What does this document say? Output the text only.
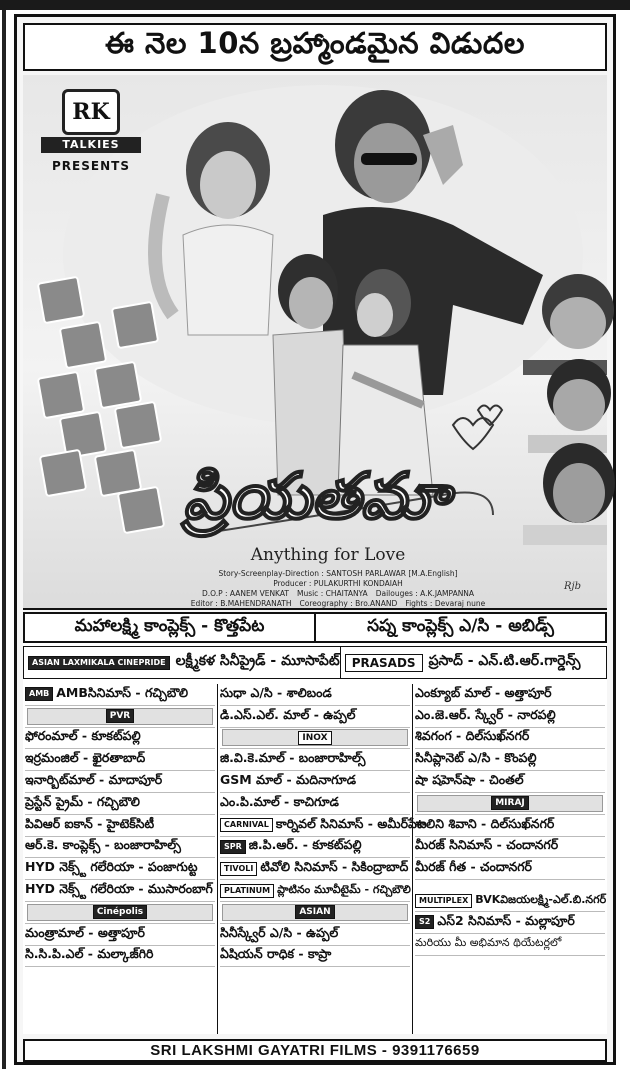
ఈ నెల 10న బ్రహ్మాండమైన విడుదల
RK
TALKIES
PRESENTS
ప్రియతమా
Anything for Love
Story-Screenplay-Direction : SANTOSH PARLAWAR [M.A.English]
Producer : PULAKURTHI KONDAIAH
D.O.P : AANEM VENKAT Music : CHAITANYA Dailouges : A.K.JAMPANNA
Editor : B.MAHENDRANATH Coreography : Bro.ANAND Fights : Devaraj nune
Rjb
మహాలక్ష్మి కాంప్లెక్స్ - కొత్తపేట	సప్న కాంప్లెక్స్ ఎ/సి - అబిడ్స్
ASIAN LAXMIKALA CINEPRIDE లక్ష్మీకళ సినీప్రైడ్ - మూసాపేట్	PRASADS ప్రసాద్ - ఎన్.టి.ఆర్.గార్డెన్స్
AMB AMBసినిమాస్ - గచ్చిబౌలి
PVR
ఫోరంమాల్ - కూకట్‌పల్లి
ఇర్రమంజిల్ - ఖైరతాబాద్
ఇనార్బిట్‌మాల్ - మాదాపూర్
ప్రెస్టేన్ ప్రైమ్ - గచ్చిబౌలి
పివిఆర్ ఐకాన్ - హైటెక్‌సిటీ
ఆర్.కె. కాంప్లెక్స్ - బంజారాహిల్స్
HYD నెక్స్ట్ గలేరియా - పంజాగుట్ట
HYD నెక్స్ట్ గలేరియా - ముసారంబాగ్
Cinépolis
మంత్రామాల్ - అత్తాపూర్
సి.సి.పి.ఎల్ - మల్కాజ్‌గిరి
సుధా ఎ/సి - శాలిబండ
డి.ఎస్.ఎల్. మాల్ - ఉప్పల్
INOX
జి.వి.కె.మాల్ - బంజారాహిల్స్
GSM మాల్ - మదినాగూడ
ఎం.పి.మాల్ - కాచిగూడ
CARNIVAL కార్నివల్ సినిమాస్ - అమీర్‌పేట
SPR జి.పి.ఆర్. - కూకట్‌పల్లి
TIVOLI టివోలి సినిమాస్ - సికింద్రాబాద్
PLATINUM ప్లాటినం మూవీటైమ్ - గచ్చిబౌలి
ASIAN
సినీస్క్వేర్ ఎ/సి - ఉప్పల్
ఏషియన్ రాధిక - కాప్రా
ఎంక్యూబ్ మాల్ - అత్తాపూర్
ఎం.జె.ఆర్. స్క్వేర్ - నారపల్లి
శివగంగ - దిల్‌సుఖ్‌నగర్
సినీప్లానెట్ ఎ/సి - కొంపల్లి
షా షహెన్‌షా - చింతల్
MIRAJ
శాలిని శివాని - దిల్‌సుఖ్‌నగర్
మీరజ్ సినిమాస్ - చందానగర్
మీరజ్ గీత - చందానగర్
MULTIPLEX BVKవిజయలక్ష్మి-ఎల్.బి.నగర్
S2 ఎస్2 సినిమాస్ - మల్లాపూర్
మరియు మీ అభిమాన థియేటర్లలో
SRI LAKSHMI GAYATRI FILMS - 9391176659
